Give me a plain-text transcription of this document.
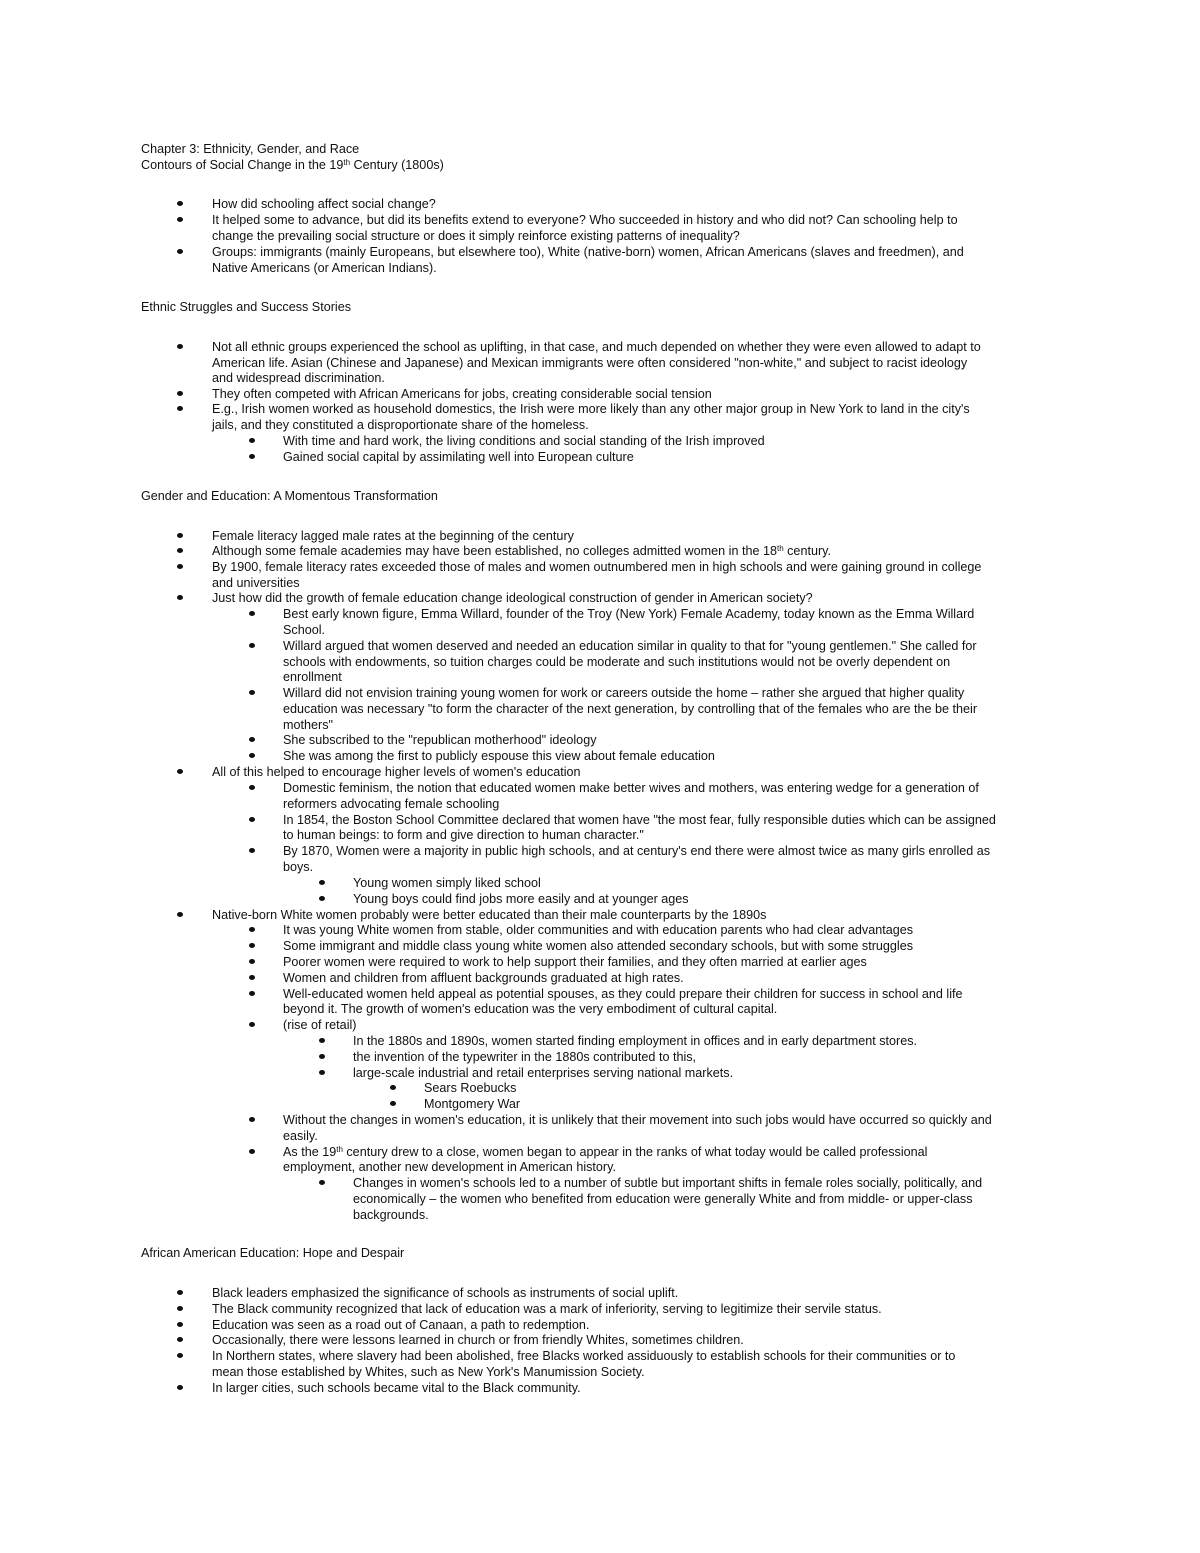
Chapter 3: Ethnicity, Gender, and Race
Contours of Social Change in the 19th Century (1800s)
How did schooling affect social change?
It helped some to advance, but did its benefits extend to everyone? Who succeeded in history and who did not? Can schooling help to
change the prevailing social structure or does it simply reinforce existing patterns of inequality?
Groups: immigrants (mainly Europeans, but elsewhere too), White (native-born) women, African Americans (slaves and freedmen), and
Native Americans (or American Indians).
Ethnic Struggles and Success Stories
Not all ethnic groups experienced the school as uplifting, in that case, and much depended on whether they were even allowed to adapt to
American life. Asian (Chinese and Japanese) and Mexican immigrants were often considered "non-white," and subject to racist ideology
and widespread discrimination.
They often competed with African Americans for jobs, creating considerable social tension
E.g., Irish women worked as household domestics, the Irish were more likely than any other major group in New York to land in the city's
jails, and they constituted a disproportionate share of the homeless.
With time and hard work, the living conditions and social standing of the Irish improved
Gained social capital by assimilating well into European culture
Gender and Education: A Momentous Transformation
Female literacy lagged male rates at the beginning of the century
Although some female academies may have been established, no colleges admitted women in the 18th century.
By 1900, female literacy rates exceeded those of males and women outnumbered men in high schools and were gaining ground in college
and universities
Just how did the growth of female education change ideological construction of gender in American society?
Best early known figure, Emma Willard, founder of the Troy (New York) Female Academy, today known as the Emma Willard
School.
Willard argued that women deserved and needed an education similar in quality to that for "young gentlemen." She called for
schools with endowments, so tuition charges could be moderate and such institutions would not be overly dependent on
enrollment
Willard did not envision training young women for work or careers outside the home – rather she argued that higher quality
education was necessary "to form the character of the next generation, by controlling that of the females who are the be their
mothers"
She subscribed to the "republican motherhood" ideology
She was among the first to publicly espouse this view about female education
All of this helped to encourage higher levels of women's education
Domestic feminism, the notion that educated women make better wives and mothers, was entering wedge for a generation of
reformers advocating female schooling
In 1854, the Boston School Committee declared that women have "the most fear, fully responsible duties which can be assigned
to human beings: to form and give direction to human character."
By 1870, Women were a majority in public high schools, and at century's end there were almost twice as many girls enrolled as
boys.
Young women simply liked school
Young boys could find jobs more easily and at younger ages
Native-born White women probably were better educated than their male counterparts by the 1890s
It was young White women from stable, older communities and with education parents who had clear advantages
Some immigrant and middle class young white women also attended secondary schools, but with some struggles
Poorer women were required to work to help support their families, and they often married at earlier ages
Women and children from affluent backgrounds graduated at high rates.
Well-educated women held appeal as potential spouses, as they could prepare their children for success in school and life
beyond it. The growth of women's education was the very embodiment of cultural capital.
(rise of retail)
In the 1880s and 1890s, women started finding employment in offices and in early department stores.
the invention of the typewriter in the 1880s contributed to this,
large-scale industrial and retail enterprises serving national markets.
Sears Roebucks
Montgomery War
Without the changes in women's education, it is unlikely that their movement into such jobs would have occurred so quickly and
easily.
As the 19th century drew to a close, women began to appear in the ranks of what today would be called professional
employment, another new development in American history.
Changes in women's schools led to a number of subtle but important shifts in female roles socially, politically, and
economically – the women who benefited from education were generally White and from middle- or upper-class
backgrounds.
African American Education: Hope and Despair
Black leaders emphasized the significance of schools as instruments of social uplift.
The Black community recognized that lack of education was a mark of inferiority, serving to legitimize their servile status.
Education was seen as a road out of Canaan, a path to redemption.
Occasionally, there were lessons learned in church or from friendly Whites, sometimes children.
In Northern states, where slavery had been abolished, free Blacks worked assiduously to establish schools for their communities or to
mean those established by Whites, such as New York's Manumission Society.
In larger cities, such schools became vital to the Black community.
